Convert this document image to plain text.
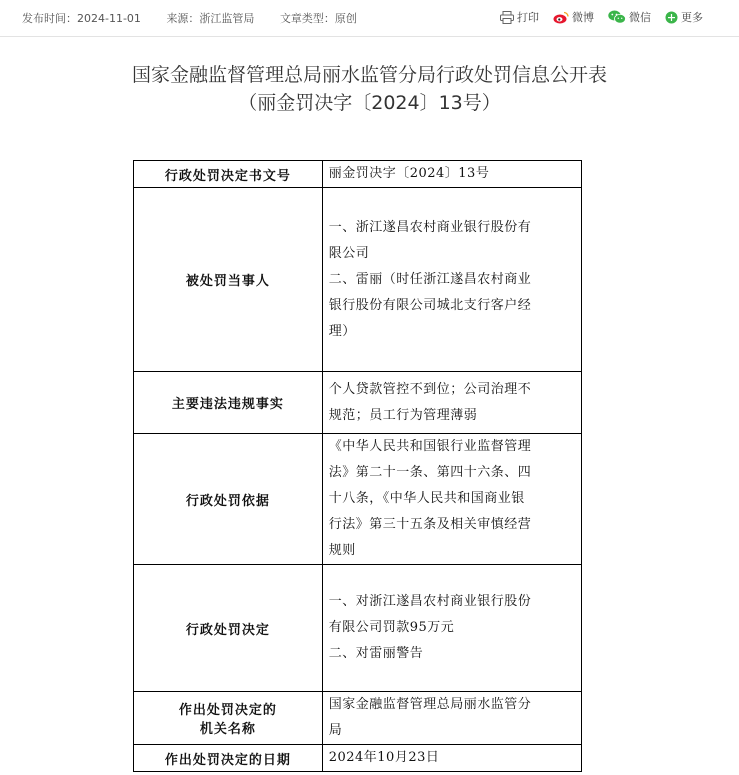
发布时间：2024-11-01 来源：浙江监管局 文章类型：原创	打印	微博	微信	更多
国家金融监督管理总局丽水监管分局行政处罚信息公开表
（丽金罚决字〔2024〕13号）
行政处罚决定书文号	丽金罚决字〔2024〕13号

被处罚当事人	一、浙江遂昌农村商业银行股份有
限公司
二、雷丽（时任浙江遂昌农村商业
银行股份有限公司城北支行客户经
理）

主要违法违规事实	个人贷款管控不到位；公司治理不
规范；员工行为管理薄弱

行政处罚依据	《中华人民共和国银行业监督管理
法》第二十一条、第四十六条、四
十八条，《中华人民共和国商业银
行法》第三十五条及相关审慎经营
规则

行政处罚决定	一、对浙江遂昌农村商业银行股份
有限公司罚款95万元
二、对雷丽警告

作出处罚决定的
机关名称	国家金融监督管理总局丽水监管分
局

作出处罚决定的日期	2024年10月23日
